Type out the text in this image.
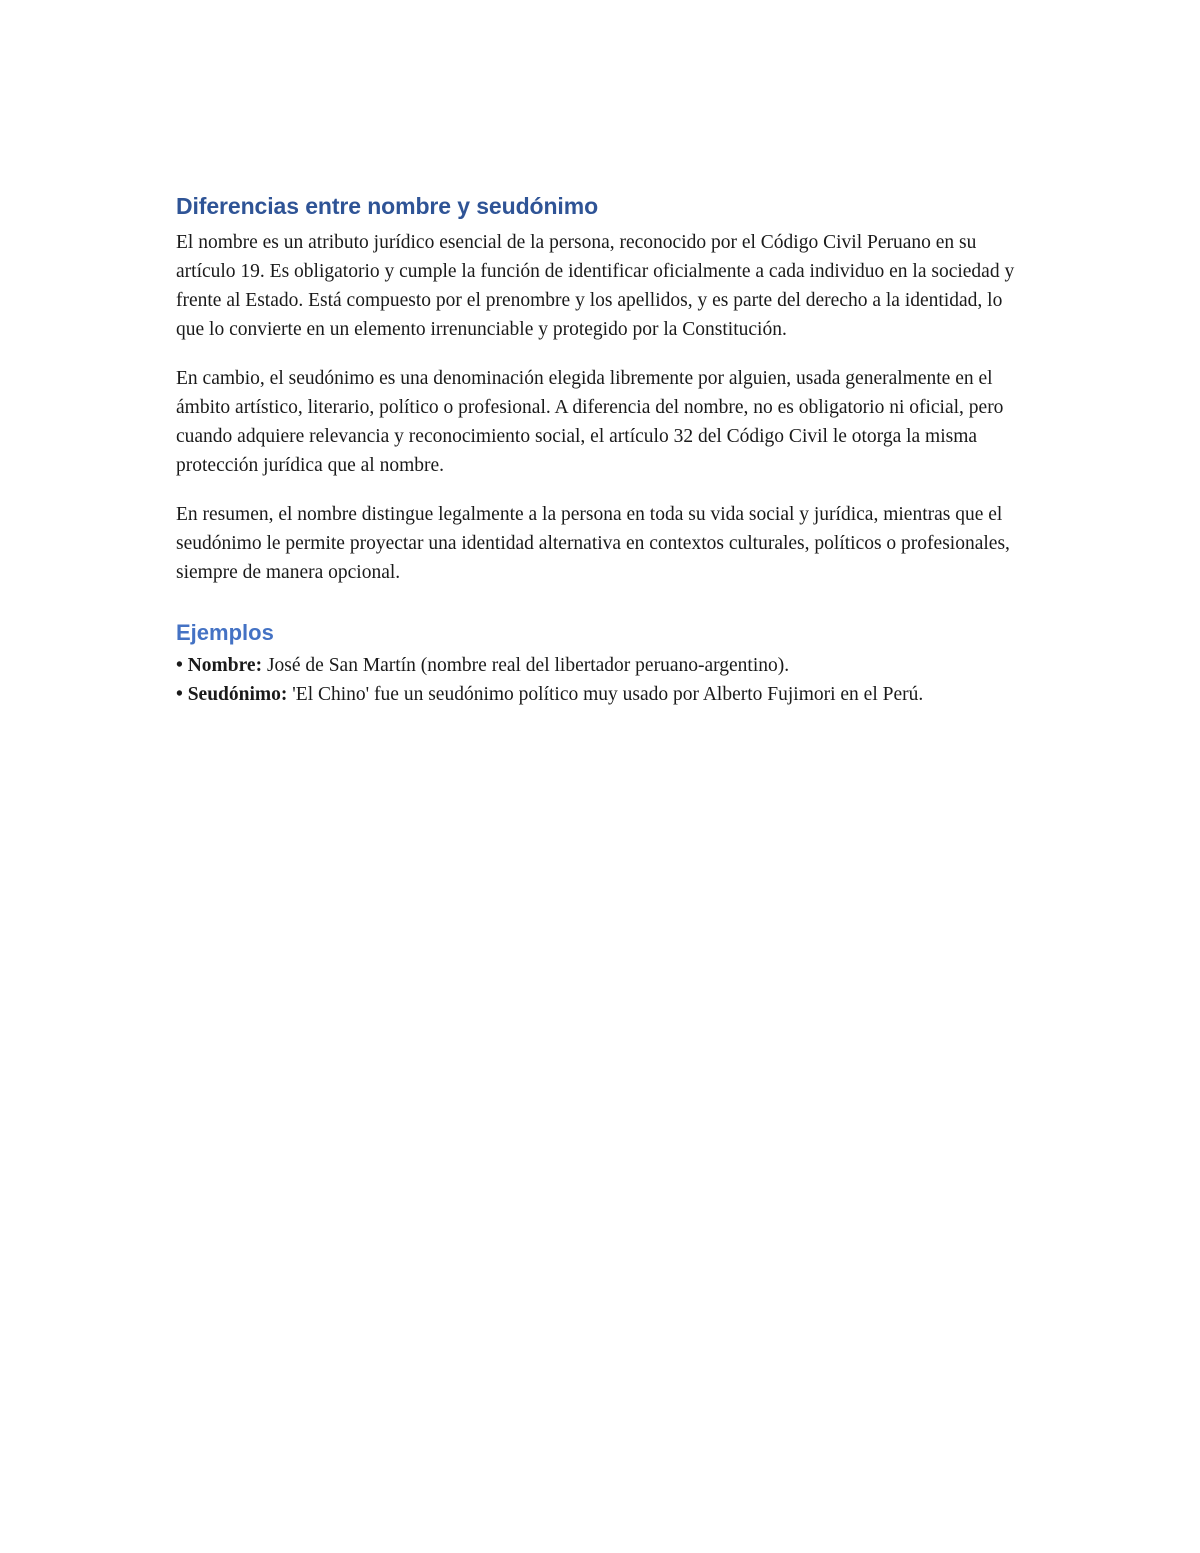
Diferencias entre nombre y seudónimo

El nombre es un atributo jurídico esencial de la persona, reconocido por el Código Civil Peruano en su artículo 19. Es obligatorio y cumple la función de identificar oficialmente a cada individuo en la sociedad y frente al Estado. Está compuesto por el prenombre y los apellidos, y es parte del derecho a la identidad, lo que lo convierte en un elemento irrenunciable y protegido por la Constitución.

En cambio, el seudónimo es una denominación elegida libremente por alguien, usada generalmente en el ámbito artístico, literario, político o profesional. A diferencia del nombre, no es obligatorio ni oficial, pero cuando adquiere relevancia y reconocimiento social, el artículo 32 del Código Civil le otorga la misma protección jurídica que al nombre.

En resumen, el nombre distingue legalmente a la persona en toda su vida social y jurídica, mientras que el seudónimo le permite proyectar una identidad alternativa en contextos culturales, políticos o profesionales, siempre de manera opcional.

Ejemplos
• Nombre: José de San Martín (nombre real del libertador peruano-argentino).
• Seudónimo: 'El Chino' fue un seudónimo político muy usado por Alberto Fujimori en el Perú.
